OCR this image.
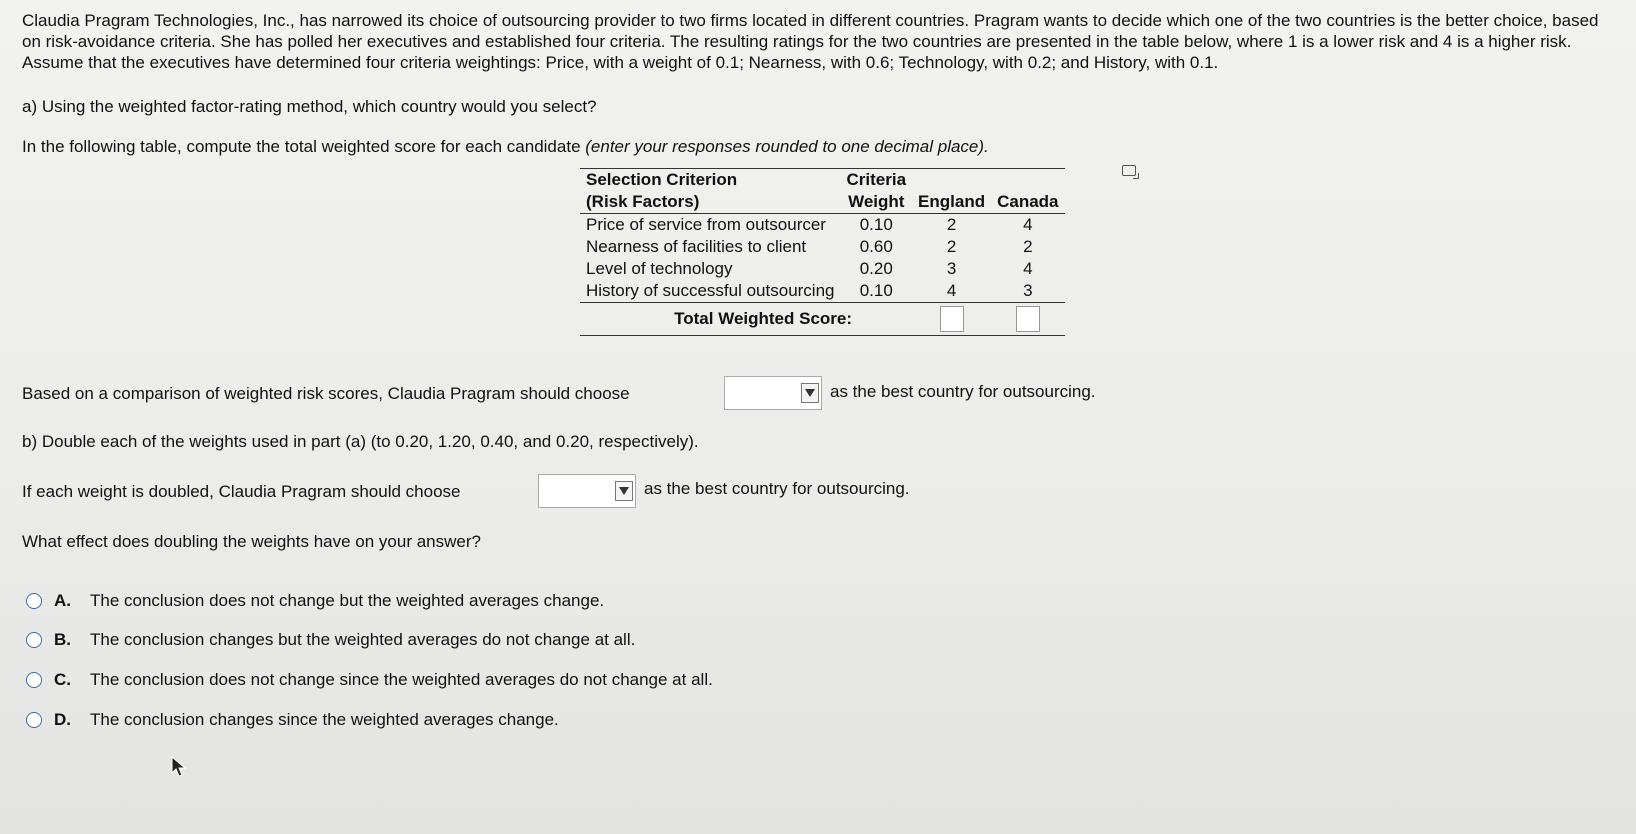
Claudia Pragram Technologies, Inc., has narrowed its choice of outsourcing provider to two firms located in different countries. Pragram wants to decide which one of the two countries is the better choice, based on risk-avoidance criteria. She has polled her executives and established four criteria. The resulting ratings for the two countries are presented in the table below, where 1 is a lower risk and 4 is a higher risk. Assume that the executives have determined four criteria weightings: Price, with a weight of 0.1; Nearness, with 0.6; Technology, with 0.2; and History, with 0.1.

a) Using the weighted factor-rating method, which country would you select?

In the following table, compute the total weighted score for each candidate (enter your responses rounded to one decimal place).

Selection Criterion	Criteria		
(Risk Factors)	Weight	England	Canada
Price of service from outsourcer	0.10	2	4
Nearness of facilities to client	0.60	2	2
Level of technology	0.20	3	4
History of successful outsourcing	0.10	4	3
Total Weighted Score:			

Based on a comparison of weighted risk scores, Claudia Pragram should choose	as the best country for outsourcing.

b) Double each of the weights used in part (a) (to 0.20, 1.20, 0.40, and 0.20, respectively).

If each weight is doubled, Claudia Pragram should choose	as the best country for outsourcing.

What effect does doubling the weights have on your answer?

A. The conclusion does not change but the weighted averages change.
B. The conclusion changes but the weighted averages do not change at all.
C. The conclusion does not change since the weighted averages do not change at all.
D. The conclusion changes since the weighted averages change.
